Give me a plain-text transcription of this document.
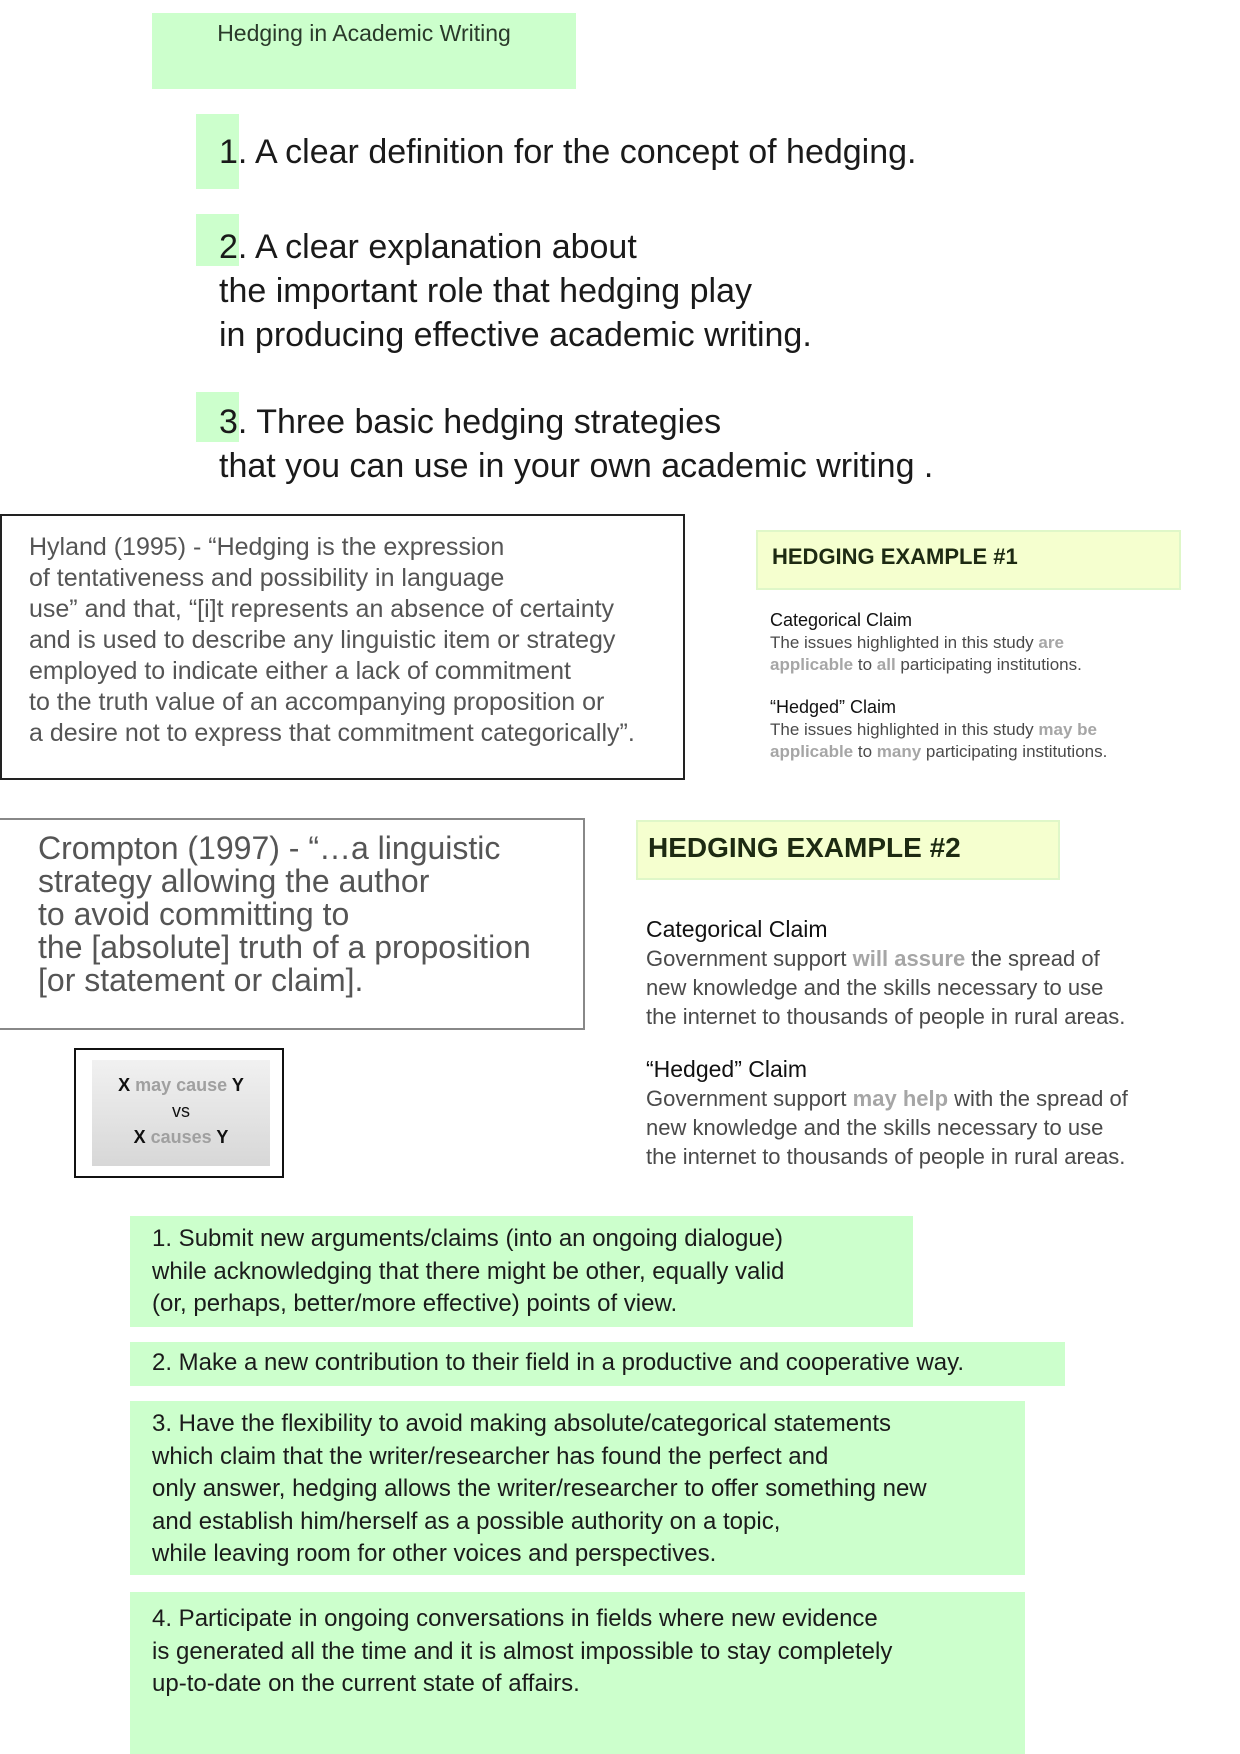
Hedging in Academic Writing
1. A clear definition for the concept of hedging.
2. A clear explanation about
the important role that hedging play
in producing effective academic writing.
3. Three basic hedging strategies
that you can use in your own academic writing .
Hyland (1995) - “Hedging is the expression
of tentativeness and possibility in language
use” and that, “[i]t represents an absence of certainty
and is used to describe any linguistic item or strategy
employed to indicate either a lack of commitment
to the truth value of an accompanying proposition or
a desire not to express that commitment categorically”.
HEDGING EXAMPLE #1
Categorical Claim
The issues highlighted in this study are
applicable to all participating institutions.
“Hedged” Claim
The issues highlighted in this study may be
applicable to many participating institutions.
Crompton (1997) - “…a linguistic
strategy allowing the author
to avoid committing to
the [absolute] truth of a proposition
[or statement or claim].
HEDGING EXAMPLE #2
Categorical Claim
Government support will assure the spread of
new knowledge and the skills necessary to use
the internet to thousands of people in rural areas.
“Hedged” Claim
Government support may help with the spread of
new knowledge and the skills necessary to use
the internet to thousands of people in rural areas.
X may cause Y
vs
X causes Y
1. Submit new arguments/claims (into an ongoing dialogue)
while acknowledging that there might be other, equally valid
(or, perhaps, better/more effective) points of view.
2. Make a new contribution to their field in a productive and cooperative way.
3. Have the flexibility to avoid making absolute/categorical statements
which claim that the writer/researcher has found the perfect and
only answer, hedging allows the writer/researcher to offer something new
and establish him/herself as a possible authority on a topic,
while leaving room for other voices and perspectives.
4. Participate in ongoing conversations in fields where new evidence
is generated all the time and it is almost impossible to stay completely
up-to-date on the current state of affairs.
